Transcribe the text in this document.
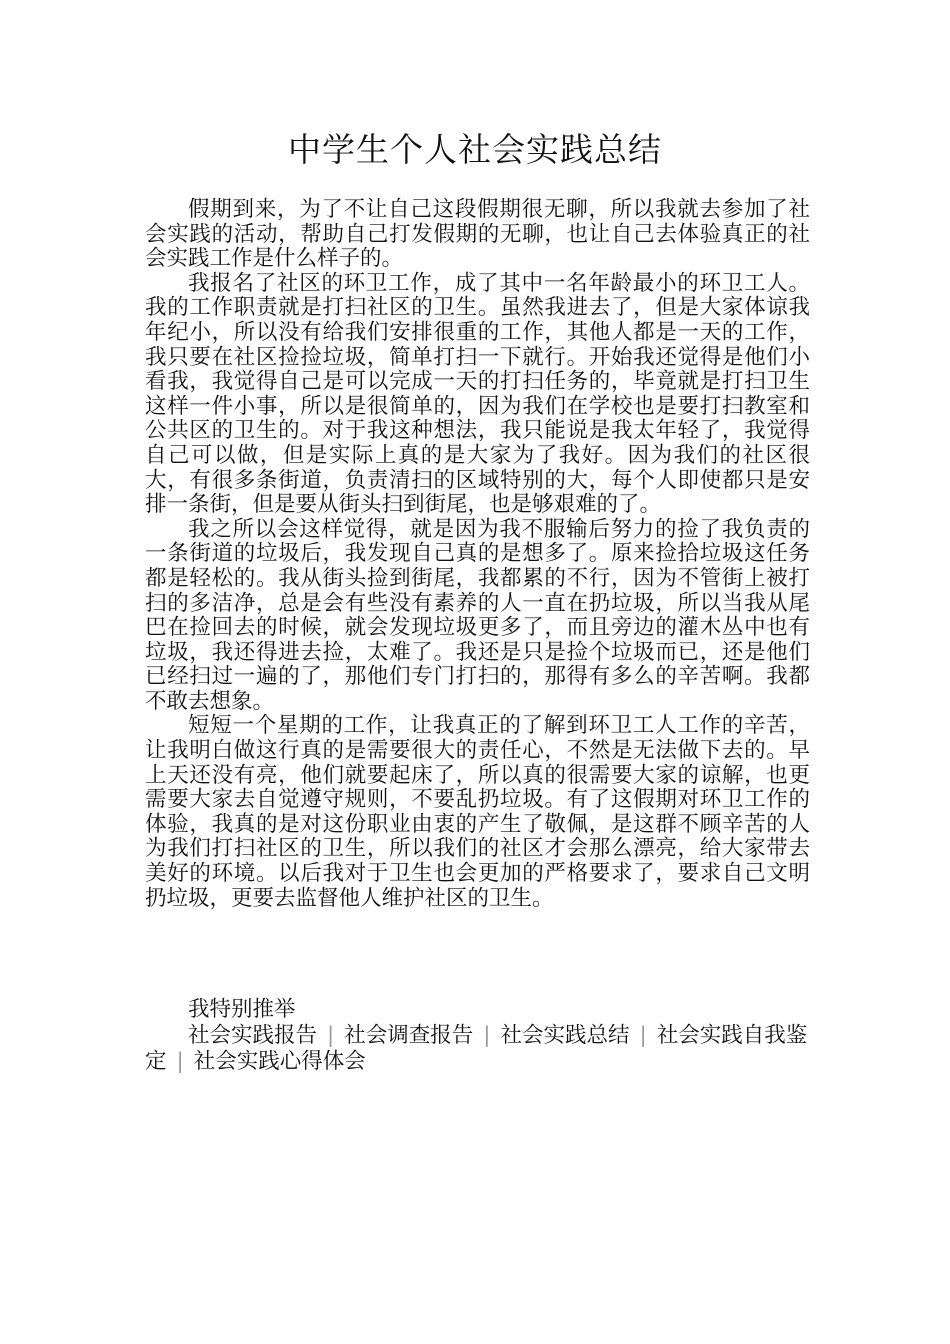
中学生个人社会实践总结

假期到来，为了不让自己这段假期很无聊，所以我就去参加了社会实践的活动，帮助自己打发假期的无聊，也让自己去体验真正的社会实践工作是什么样子的。

我报名了社区的环卫工作，成了其中一名年龄最小的环卫工人。我的工作职责就是打扫社区的卫生。虽然我进去了，但是大家体谅我年纪小，所以没有给我们安排很重的工作，其他人都是一天的工作，我只要在社区捡捡垃圾，简单打扫一下就行。开始我还觉得是他们小看我，我觉得自己是可以完成一天的打扫任务的，毕竟就是打扫卫生这样一件小事，所以是很简单的，因为我们在学校也是要打扫教室和公共区的卫生的。对于我这种想法，我只能说是我太年轻了，我觉得自己可以做，但是实际上真的是大家为了我好。因为我们的社区很大，有很多条街道，负责清扫的区域特别的大，每个人即使都只是安排一条街，但是要从街头扫到街尾，也是够艰难的了。

我之所以会这样觉得，就是因为我不服输后努力的捡了我负责的一条街道的垃圾后，我发现自己真的是想多了。原来捡拾垃圾这任务都是轻松的。我从街头捡到街尾，我都累的不行，因为不管街上被打扫的多洁净，总是会有些没有素养的人一直在扔垃圾，所以当我从尾巴在捡回去的时候，就会发现垃圾更多了，而且旁边的灌木丛中也有垃圾，我还得进去捡，太难了。我还是只是捡个垃圾而已，还是他们已经扫过一遍的了，那他们专门打扫的，那得有多么的辛苦啊。我都不敢去想象。

短短一个星期的工作，让我真正的了解到环卫工人工作的辛苦，让我明白做这行真的是需要很大的责任心，不然是无法做下去的。早上天还没有亮，他们就要起床了，所以真的很需要大家的谅解，也更需要大家去自觉遵守规则，不要乱扔垃圾。有了这假期对环卫工作的体验，我真的是对这份职业由衷的产生了敬佩，是这群不顾辛苦的人为我们打扫社区的卫生，所以我们的社区才会那么漂亮，给大家带去美好的环境。以后我对于卫生也会更加的严格要求了，要求自己文明扔垃圾，更要去监督他人维护社区的卫生。

我特别推举

社会实践报告 | 社会调查报告 | 社会实践总结 | 社会实践自我鉴定 | 社会实践心得体会
